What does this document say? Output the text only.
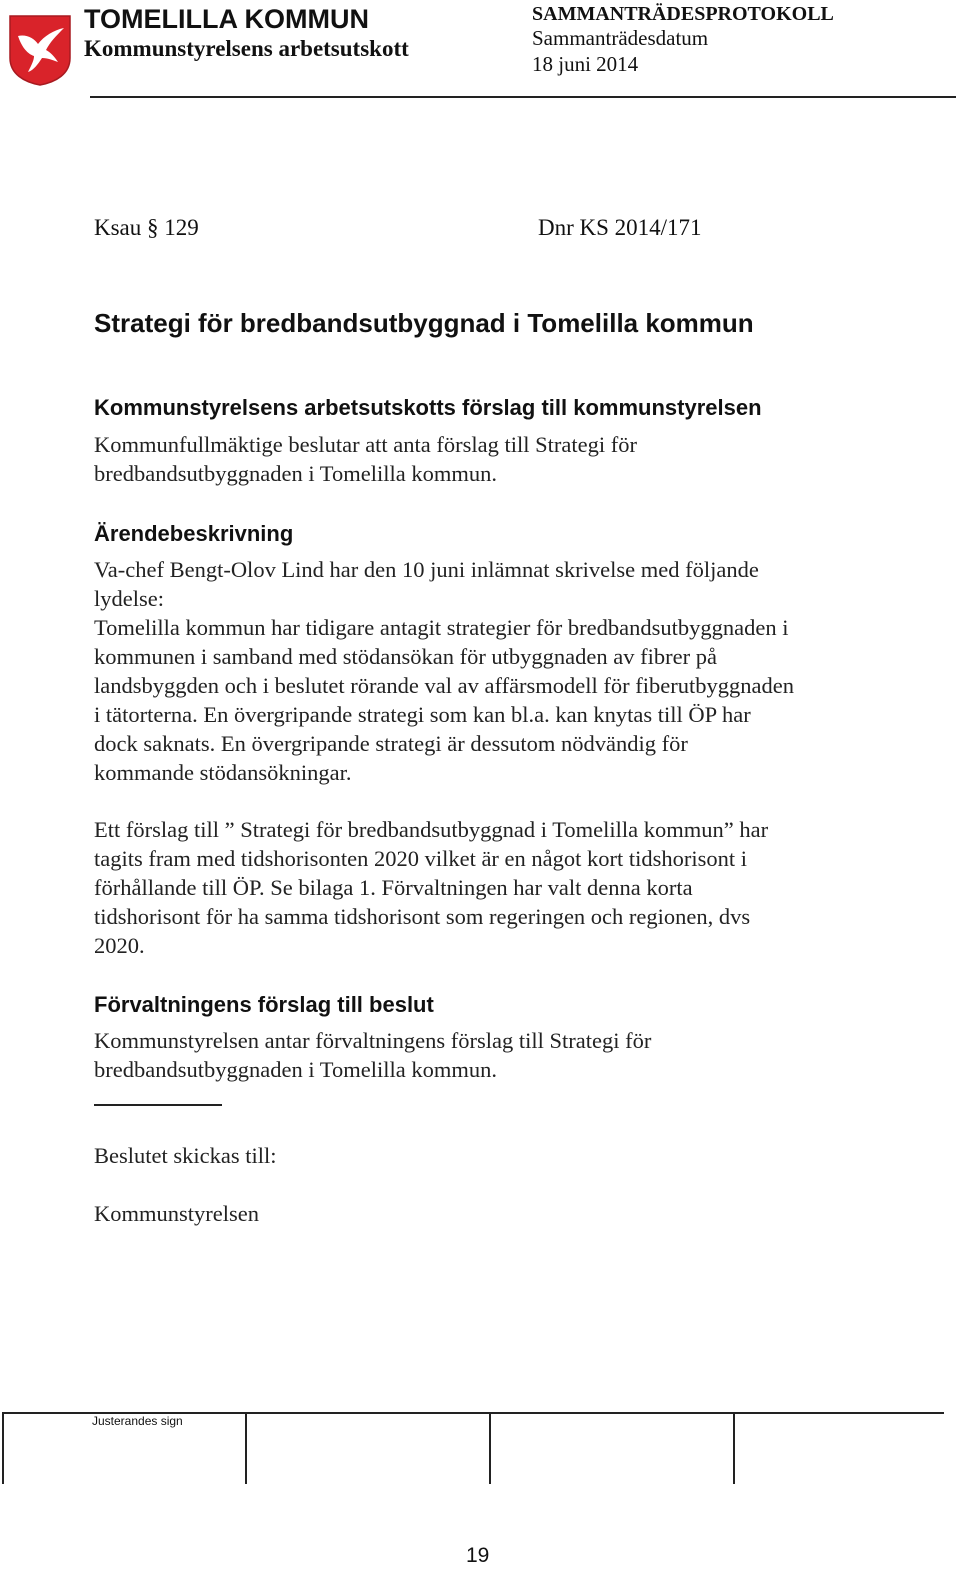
TOMELILLA KOMMUN
Kommunstyrelsens arbetsutskott
SAMMANTRÄDESPROTOKOLL
Sammanträdesdatum
18 juni 2014
Ksau § 129	Dnr KS 2014/171
Strategi för bredbandsutbyggnad i Tomelilla kommun
Kommunstyrelsens arbetsutskotts förslag till kommunstyrelsen
Kommunfullmäktige beslutar att anta förslag till Strategi för
bredbandsutbyggnaden i Tomelilla kommun.
Ärendebeskrivning
Va-chef Bengt-Olov Lind har den 10 juni inlämnat skrivelse med följande
lydelse:
Tomelilla kommun har tidigare antagit strategier för bredbandsutbyggnaden i
kommunen i samband med stödansökan för utbyggnaden av fibrer på
landsbyggden och i beslutet rörande val av affärsmodell för fiberutbyggnaden
i tätorterna. En övergripande strategi som kan bl.a. kan knytas till ÖP har
dock saknats. En övergripande strategi är dessutom nödvändig för
kommande stödansökningar.
Ett förslag till ” Strategi för bredbandsutbyggnad i Tomelilla kommun” har
tagits fram med tidshorisonten 2020 vilket är en något kort tidshorisont i
förhållande till ÖP. Se bilaga 1. Förvaltningen har valt denna korta
tidshorisont för ha samma tidshorisont som regeringen och regionen, dvs
2020.
Förvaltningens förslag till beslut
Kommunstyrelsen antar förvaltningens förslag till Strategi för
bredbandsutbyggnaden i Tomelilla kommun.
Beslutet skickas till:
Kommunstyrelsen
Justerandes sign
19
